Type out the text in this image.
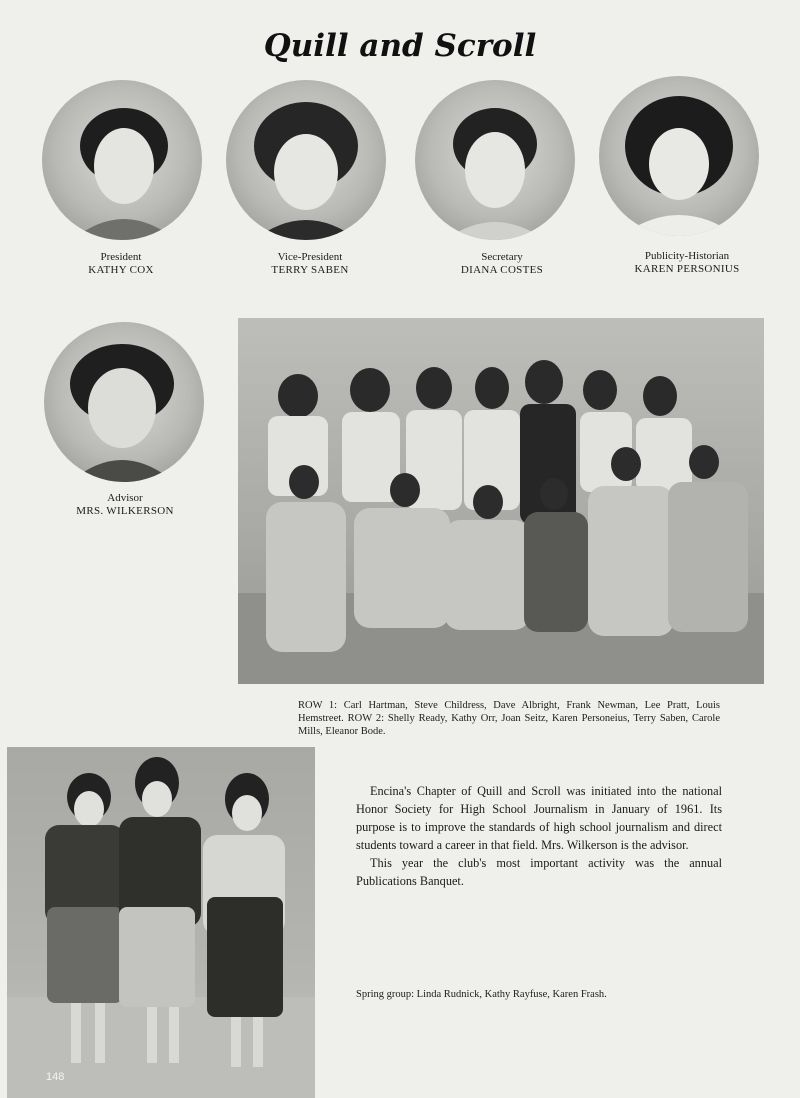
Quill and Scroll
President
KATHY COX
Vice-President
TERRY SABEN
Secretary
DIANA COSTES
Publicity-Historian
KAREN PERSONIUS
Advisor
MRS. WILKERSON
ROW 1: Carl Hartman, Steve Childress, Dave Albright, Frank Newman, Lee Pratt, Louis Hemstreet. ROW 2: Shelly Ready, Kathy Orr, Joan Seitz, Karen Personeius, Terry Saben, Carole Mills, Eleanor Bode.
148

Encina's Chapter of Quill and Scroll was initiated into the national Honor Society for High School Journalism in January of 1961. Its purpose is to improve the standards of high school journalism and direct students toward a career in that field. Mrs. Wilkerson is the advisor.

This year the club's most important activity was the annual Publications Banquet.

Spring group: Linda Rudnick, Kathy Rayfuse, Karen Frash.
